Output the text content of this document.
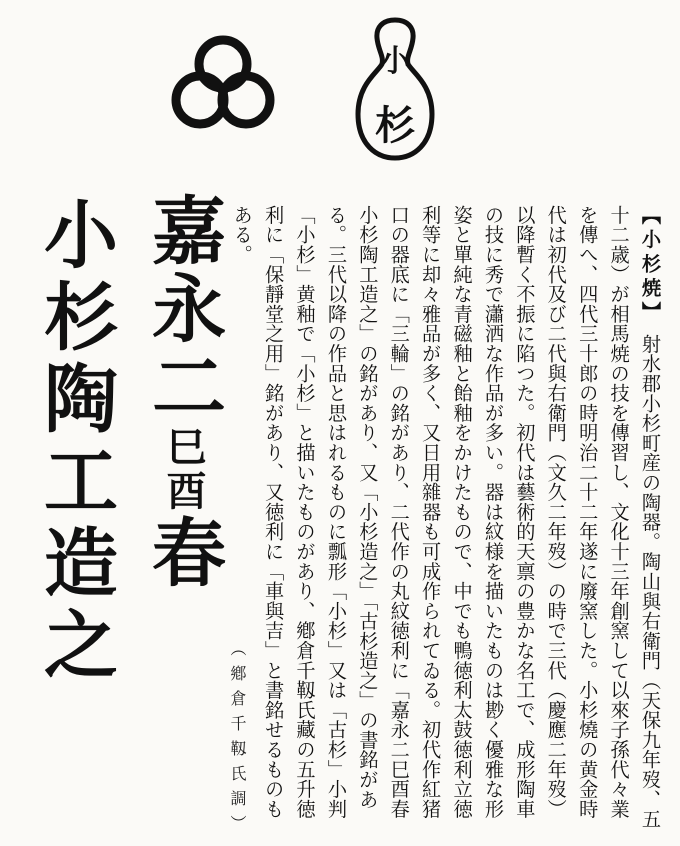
小
杉
小杉陶工造之 嘉永二巳酉春
【小杉焼】射水郡小杉町産の陶器。陶山與右衛門（天保九年歿、五十二歳）が相馬焼の技を傳習し、文化十三年創窯して以來子孫代々業を傳へ、四代三十郎の時明治二十二年遂に廢窯した。小杉燒の黄金時代は初代及び二代與右衛門（文久二年歿）の時で三代（慶應二年歿）以降暫く不振に陷つた。初代は藝術的天禀の豊かな名工で、成形陶車の技に秀で瀟洒な作品が多い。器は紋様を描いたものは尠く優雅な形姿と單純な青磁釉と飴釉をかけたもので、中でも鴨徳利太鼓徳利立徳利等に却々雅品が多く、又日用雜器も可成作られてゐる。初代作紅猪口の器底に「三輪」の銘があり、二代作の丸紋徳利に「嘉永二巳酉春小杉陶工造之」の銘があり、又「小杉造之」「古杉造之」の書銘がある。三代以降の作品と思はれるものに瓢形「小杉」又は「古杉」小判「小杉」黄釉で「小杉」と描いたものがあり、鄕倉千靱氏藏の五升徳利に「保靜堂之用」銘があり、又徳利に「車與吉」と書銘せるものもある。
（鄕倉千靱氏調）
